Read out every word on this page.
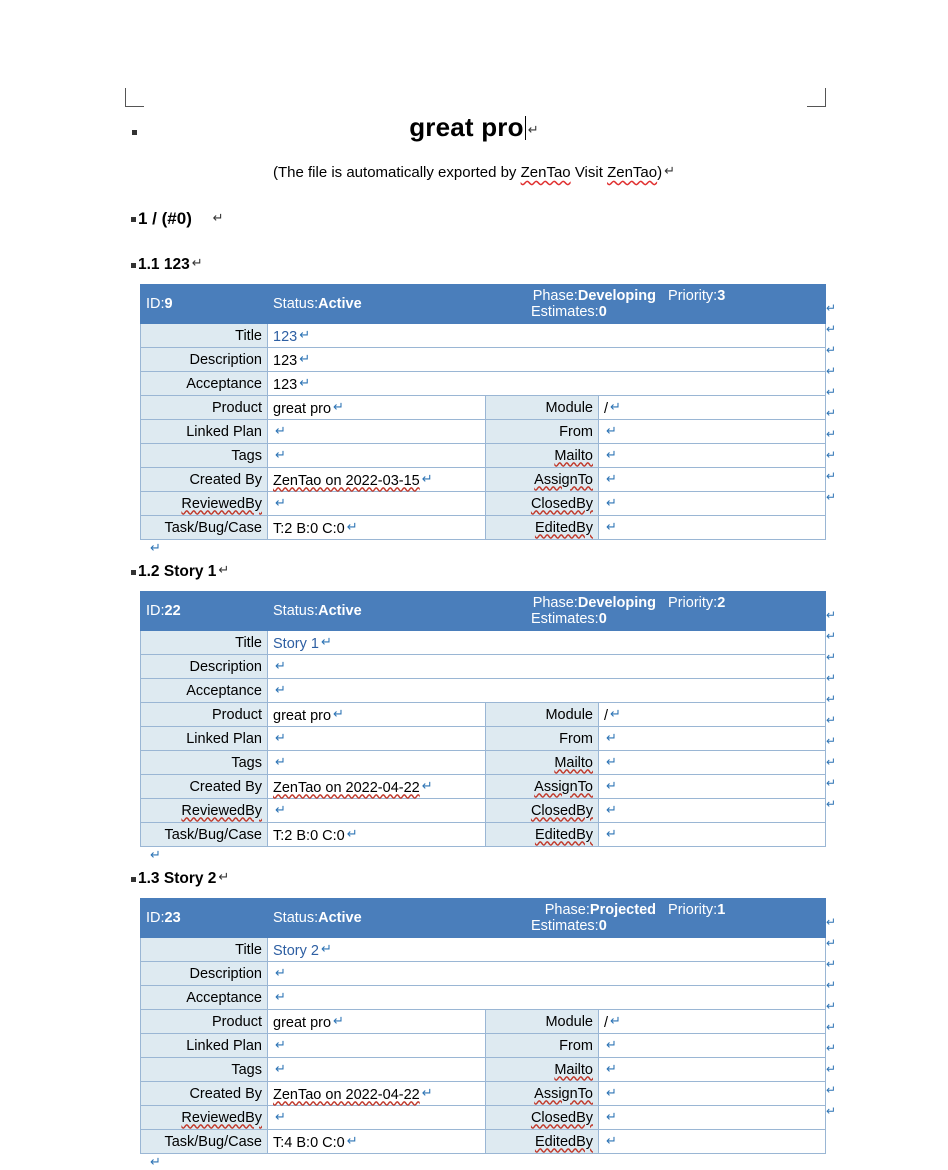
great pro ↵
(The file is automatically exported by ZenTao Visit ZenTao) ↵
1 / (#0) ↵
1.1 123 ↵
ID:9	Status:Active	Phase:Developing Priority:3 Estimates:0	
Title	123 ↵		
Description	123 ↵		
Acceptance	123 ↵		
Product	great pro ↵	Module	/ ↵
Linked Plan	↵	From	↵
Tags	↵	Mailto	↵
Created By	ZenTao on 2022-03-15 ↵	AssignTo	↵
ReviewedBy	↵	ClosedBy	↵
Task/Bug/Case	T:2 B:0 C:0 ↵	EditedBy	↵
↵
↵
↵
↵
↵
↵
↵
↵
↵
↵
↵
1.2 Story 1 ↵
ID:22	Status:Active	Phase:Developing Priority:2 Estimates:0	
Title	Story 1 ↵		
Description	↵		
Acceptance	↵		
Product	great pro ↵	Module	/ ↵
Linked Plan	↵	From	↵
Tags	↵	Mailto	↵
Created By	ZenTao on 2022-04-22 ↵	AssignTo	↵
ReviewedBy	↵	ClosedBy	↵
Task/Bug/Case	T:2 B:0 C:0 ↵	EditedBy	↵
↵
↵
↵
↵
↵
↵
↵
↵
↵
↵
↵
1.3 Story 2 ↵
ID:23	Status:Active	Phase:Projected Priority:1 Estimates:0	
Title	Story 2 ↵		
Description	↵		
Acceptance	↵		
Product	great pro ↵	Module	/ ↵
Linked Plan	↵	From	↵
Tags	↵	Mailto	↵
Created By	ZenTao on 2022-04-22 ↵	AssignTo	↵
ReviewedBy	↵	ClosedBy	↵
Task/Bug/Case	T:4 B:0 C:0 ↵	EditedBy	↵
↵
↵
↵
↵
↵
↵
↵
↵
↵
↵
↵
